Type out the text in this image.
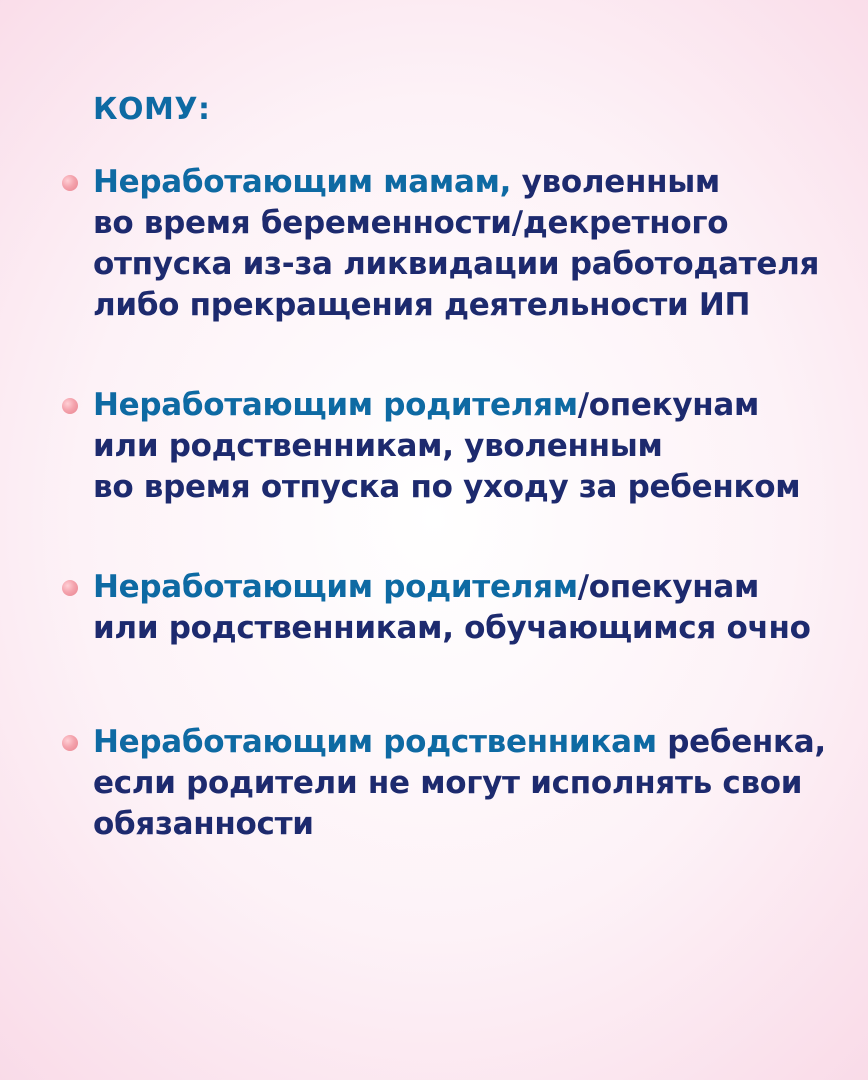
КОМУ:
Неработающим мамам, уволенным
во время беременности/декретного
отпуска из-за ликвидации работодателя
либо прекращения деятельности ИП
Неработающим родителям/опекунам
или родственникам, уволенным
во время отпуска по уходу за ребенком
Неработающим родителям/опекунам
или родственникам, обучающимся очно
Неработающим родственникам ребенка,
если родители не могут исполнять свои
обязанности
